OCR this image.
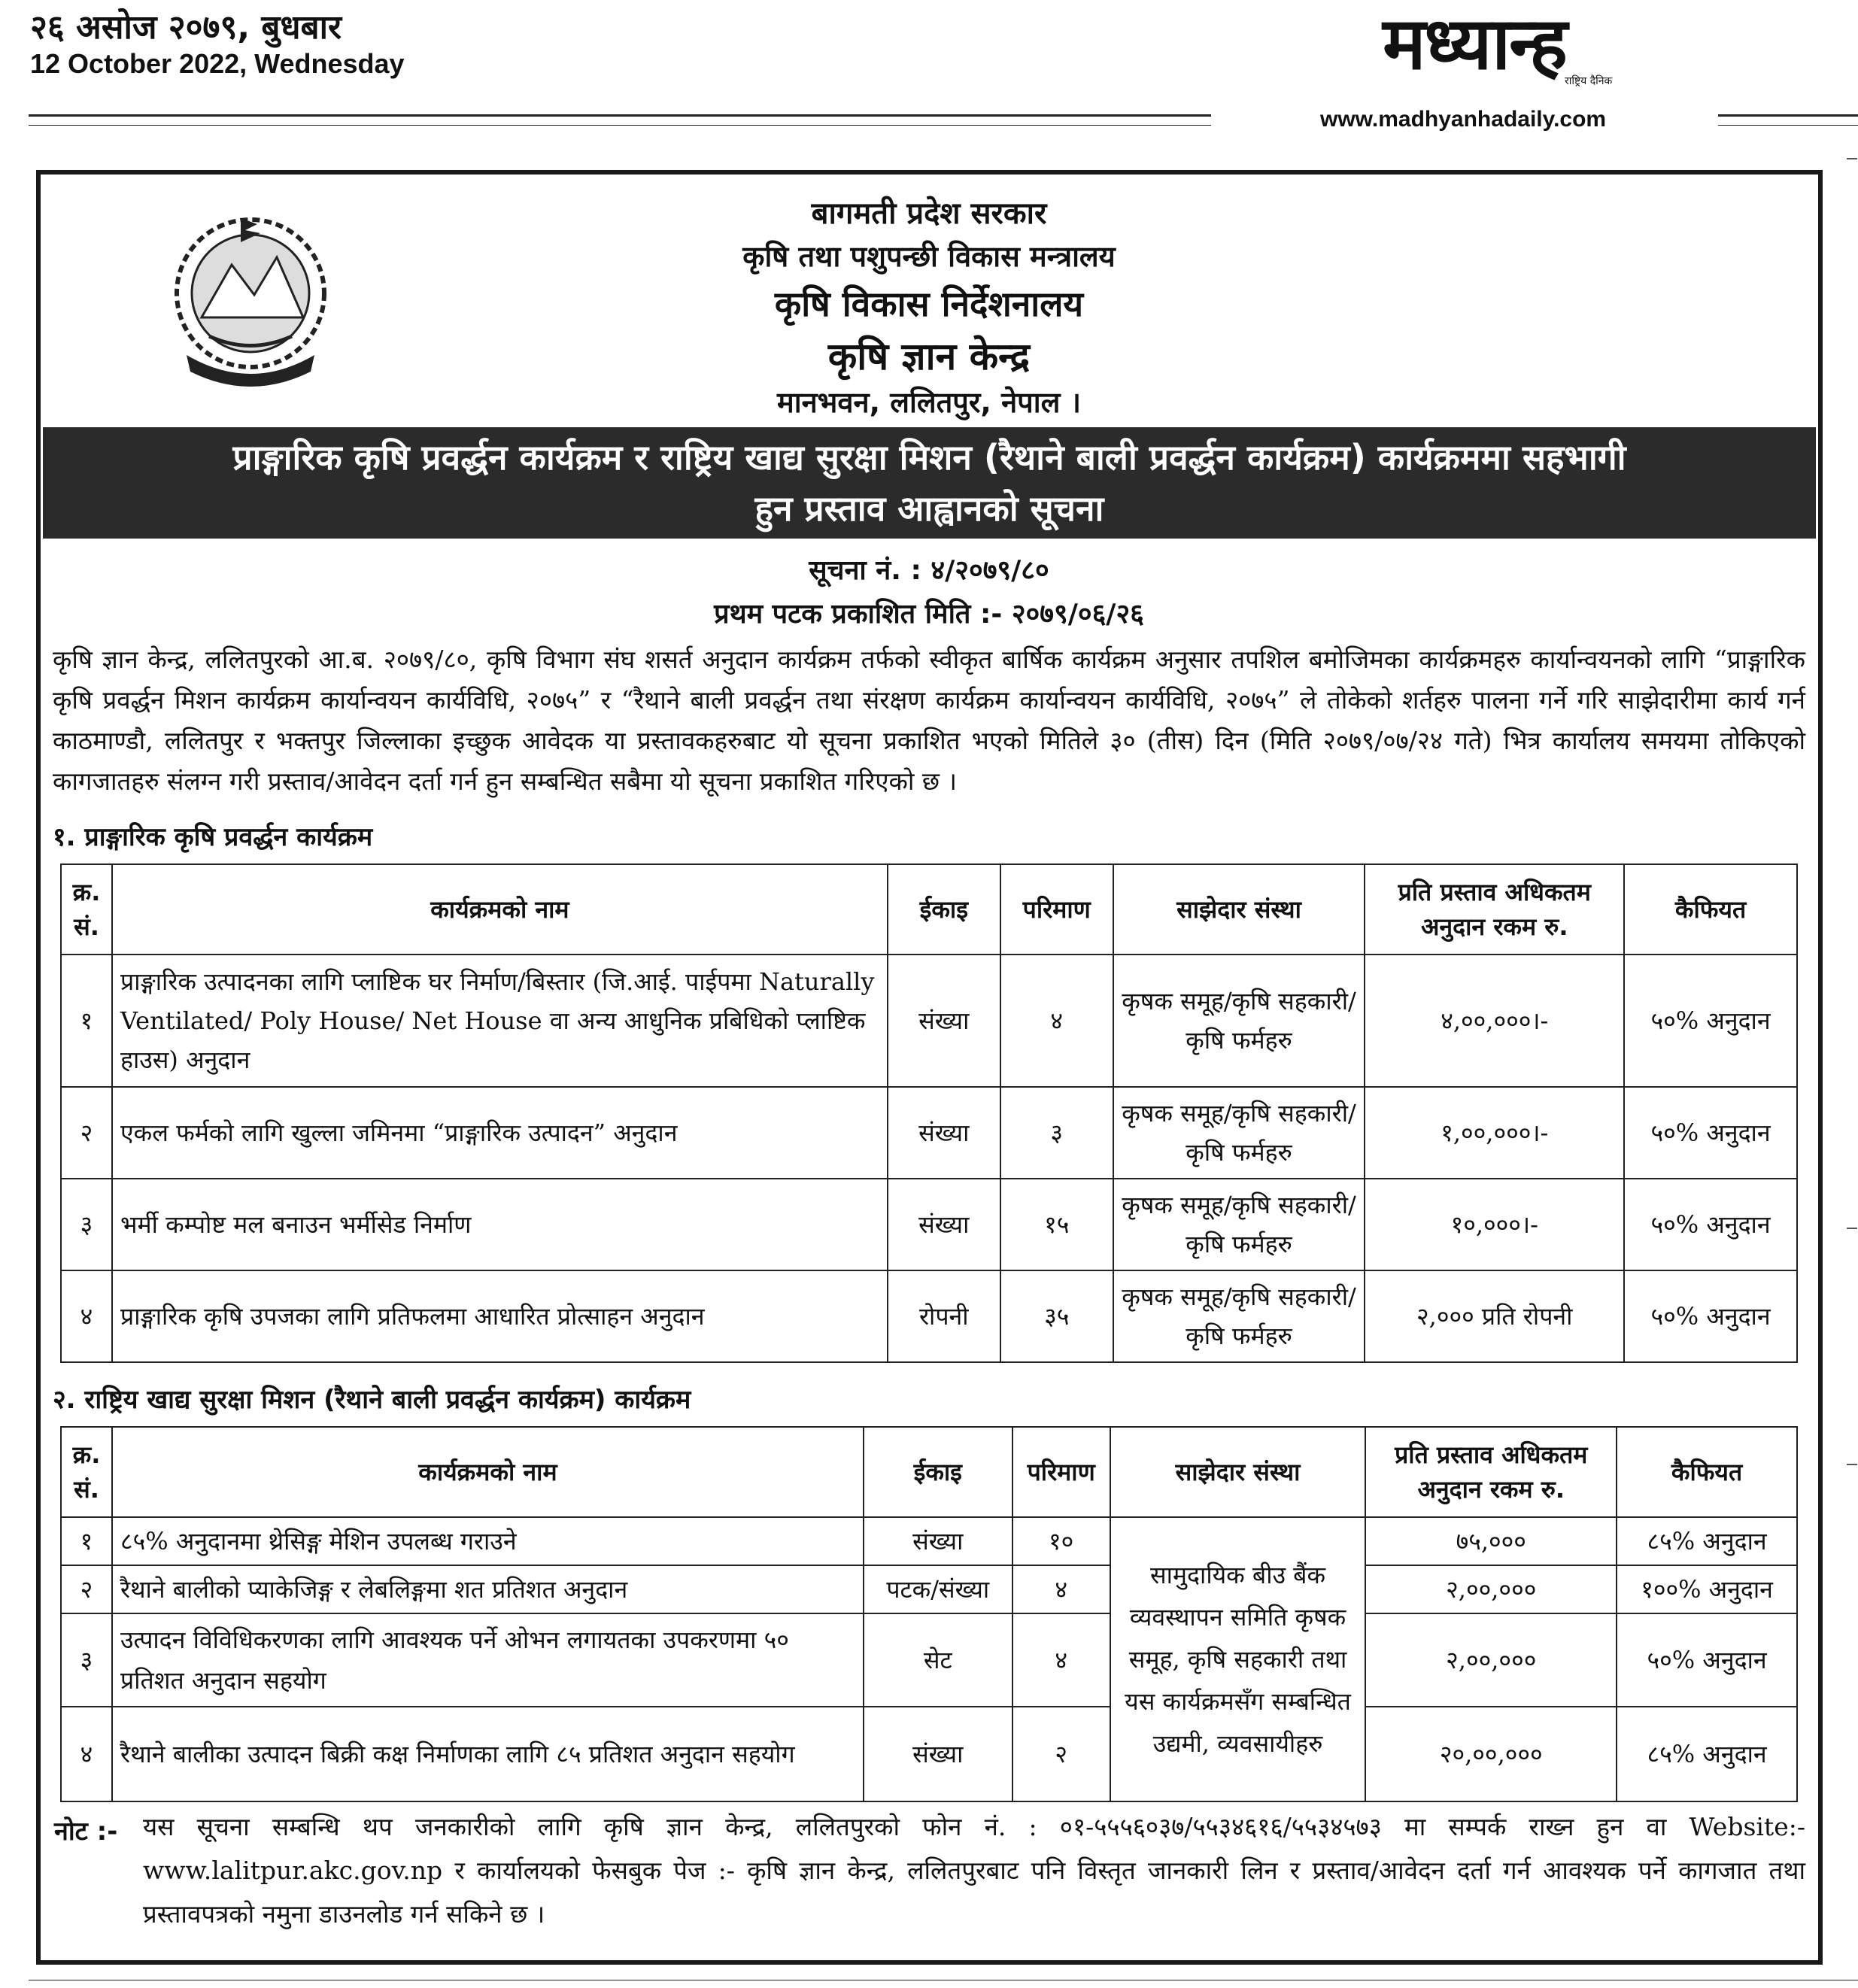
२६ असोज २०७९, बुधबार
12 October 2022, Wednesday	मध्यान्ह
राष्ट्रिय दैनिक
www.madhyanhadaily.com
बागमती प्रदेश सरकार
कृषि तथा पशुपन्छी विकास मन्त्रालय
कृषि विकास निर्देशनालय
कृषि ज्ञान केन्द्र
मानभवन, ललितपुर, नेपाल ।
प्राङ्गारिक कृषि प्रवर्द्धन कार्यक्रम र राष्ट्रिय खाद्य सुरक्षा मिशन (रैथाने बाली प्रवर्द्धन कार्यक्रम) कार्यक्रममा सहभागी
हुन प्रस्ताव आह्वानको सूचना
सूचना नं. : ४/२०७९/८०
प्रथम पटक प्रकाशित मिति :- २०७९/०६/२६
कृषि ज्ञान केन्द्र, ललितपुरको आ.ब. २०७९/८०, कृषि विभाग संघ शसर्त अनुदान कार्यक्रम तर्फको स्वीकृत बार्षिक कार्यक्रम अनुसार तपशिल बमोजिमका कार्यक्रमहरु कार्यान्वयनको लागि “प्राङ्गारिक कृषि प्रवर्द्धन मिशन कार्यक्रम कार्यान्वयन कार्यविधि, २०७५” र “रैथाने बाली प्रवर्द्धन तथा संरक्षण कार्यक्रम कार्यान्वयन कार्यविधि, २०७५” ले तोकेको शर्तहरु पालना गर्ने गरि साझेदारीमा कार्य गर्न काठमाण्डौ, ललितपुर र भक्तपुर जिल्लाका इच्छुक आवेदक या प्रस्तावकहरुबाट यो सूचना प्रकाशित भएको मितिले ३० (तीस) दिन (मिति २०७९/०७/२४ गते) भित्र कार्यालय समयमा तोकिएको कागजातहरु संलग्न गरी प्रस्ताव/आवेदन दर्ता गर्न हुन सम्बन्धित सबैमा यो सूचना प्रकाशित गरिएको छ ।
१. प्राङ्गारिक कृषि प्रवर्द्धन कार्यक्रम
क्र. सं.	कार्यक्रमको नाम	ईकाइ	परिमाण	साझेदार संस्था	प्रति प्रस्ताव अधिकतम अनुदान रकम रु.	कैफियत
१	प्राङ्गारिक उत्पादनका लागि प्लाष्टिक घर निर्माण/बिस्तार (जि.आई. पाईपमा Naturally Ventilated/ Poly House/ Net House वा अन्य आधुनिक प्रबिधिको प्लाष्टिक हाउस) अनुदान	संख्या	४	कृषक समूह/कृषि सहकारी/कृषि फर्महरु	४,००,०००।-	५०% अनुदान
२	एकल फर्मको लागि खुल्ला जमिनमा “प्राङ्गारिक उत्पादन” अनुदान	संख्या	३	कृषक समूह/कृषि सहकारी/कृषि फर्महरु	१,००,०००।-	५०% अनुदान
३	भर्मी कम्पोष्ट मल बनाउन भर्मीसेड निर्माण	संख्या	१५	कृषक समूह/कृषि सहकारी/कृषि फर्महरु	१०,०००।-	५०% अनुदान
४	प्राङ्गारिक कृषि उपजका लागि प्रतिफलमा आधारित प्रोत्साहन अनुदान	रोपनी	३५	कृषक समूह/कृषि सहकारी/ कृषि फर्महरु	२,००० प्रति रोपनी	५०% अनुदान
२. राष्ट्रिय खाद्य सुरक्षा मिशन (रैथाने बाली प्रवर्द्धन कार्यक्रम) कार्यक्रम
क्र. सं.	कार्यक्रमको नाम	ईकाइ	परिमाण	साझेदार संस्था	प्रति प्रस्ताव अधिकतम अनुदान रकम रु.	कैफियत
१	८५% अनुदानमा थ्रेसिङ्ग मेशिन उपलब्ध गराउने	संख्या	१०	सामुदायिक बीउ बैंक व्यवस्थापन समिति कृषक समूह, कृषि सहकारी तथा यस कार्यक्रमसँग सम्बन्धित उद्यमी, व्यवसायीहरु	७५,०००	८५% अनुदान
२	रैथाने बालीको प्याकेजिङ्ग र लेबलिङ्गमा शत प्रतिशत अनुदान	पटक/संख्या	४		२,००,०००	१००% अनुदान
३	उत्पादन विविधिकरणका लागि आवश्यक पर्ने ओभन लगायतका उपकरणमा ५० प्रतिशत अनुदान सहयोग	सेट	४		२,००,०००	५०% अनुदान
४	रैथाने बालीका उत्पादन बिक्री कक्ष निर्माणका लागि ८५ प्रतिशत अनुदान सहयोग	संख्या	२		२०,००,०००	८५% अनुदान
नोट :- यस सूचना सम्बन्धि थप जनकारीको लागि कृषि ज्ञान केन्द्र, ललितपुरको फोन नं. : ०१-५५५६०३७/५५३४६१६/५५३४५७३ मा सम्पर्क राख्न हुन वा Website:- www.lalitpur.akc.gov.np र कार्यालयको फेसबुक पेज :- कृषि ज्ञान केन्द्र, ललितपुरबाट पनि विस्तृत जानकारी लिन र प्रस्ताव/आवेदन दर्ता गर्न आवश्यक पर्ने कागजात तथा प्रस्तावपत्रको नमुना डाउनलोड गर्न सकिने छ ।
